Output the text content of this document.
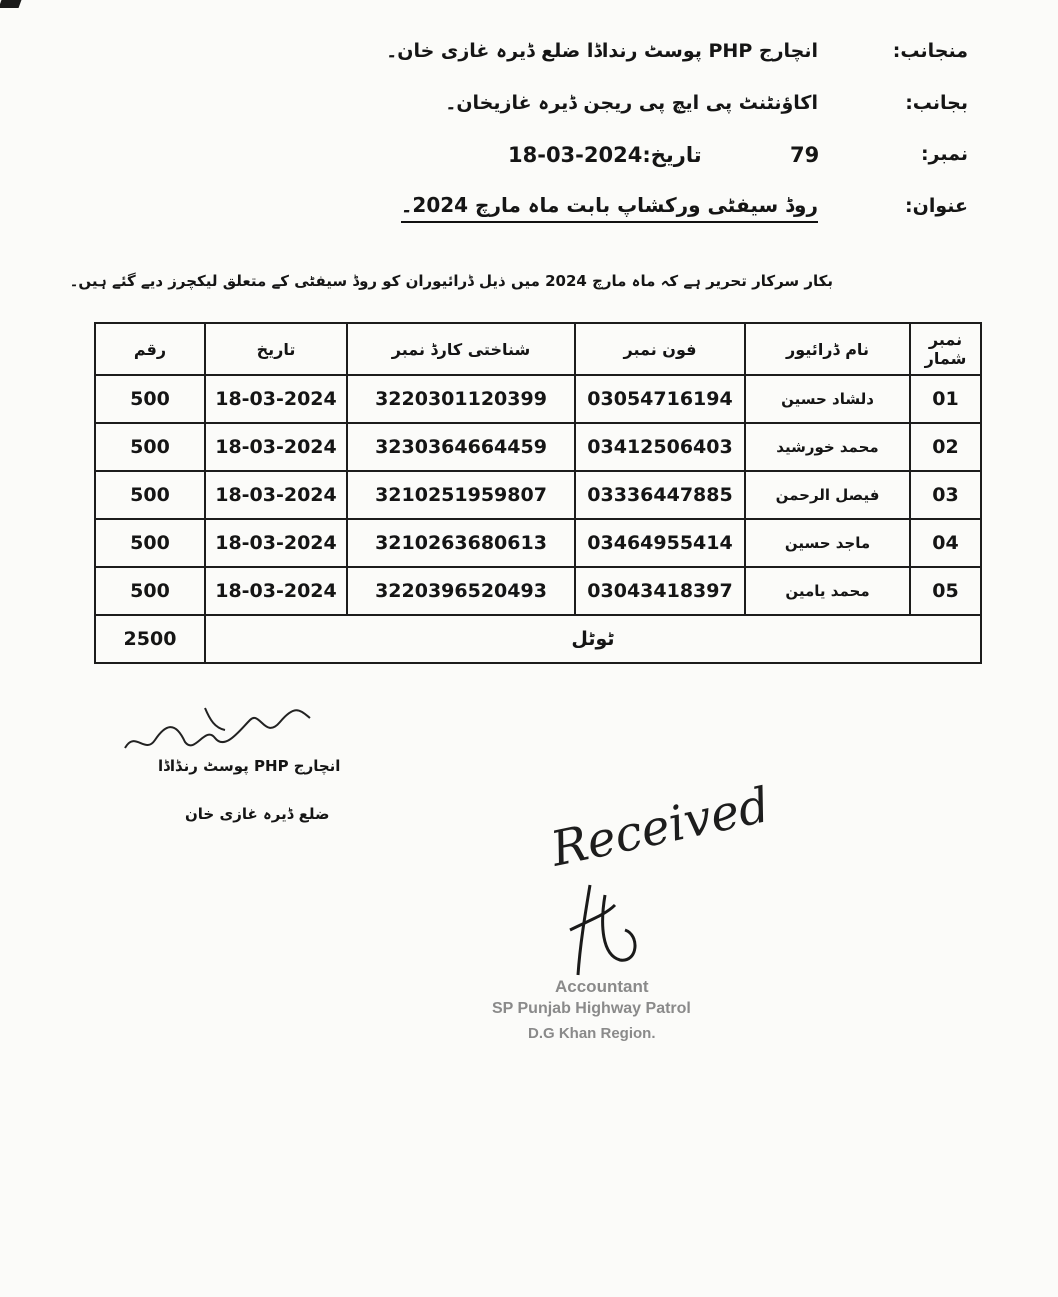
منجانب:انچارج PHP پوسٹ رنداڈا ضلع ڈیرہ غازی خان۔
بجانب:اکاؤنٹنٹ پی ایچ پی ریجن ڈیرہ غازیخان۔
نمبر:
79
تاریخ:18-03-2024
عنوان:روڈ سیفٹی ورکشاپ بابت ماہ مارچ 2024۔
بکار سرکار تحریر ہے کہ ماہ مارچ 2024 میں ذیل ڈرائیوران کو روڈ سیفٹی کے متعلق لیکچرز دیے گئے ہیں۔
نمبر شمار	نام ڈرائیور	فون نمبر	شناختی کارڈ نمبر	تاریخ	رقم
01	دلشاد حسین	03054716194	3220301120399	18-03-2024	500
02	محمد خورشید	03412506403	3230364664459	18-03-2024	500
03	فیصل الرحمن	03336447885	3210251959807	18-03-2024	500
04	ماجد حسین	03464955414	3210263680613	18-03-2024	500
05	محمد یامین	03043418397	3220396520493	18-03-2024	500
ٹوٹل					2500
انچارج PHP پوسٹ رنڈاڈا
ضلع ڈیرہ غازی خان	Received
Accountant
SP Punjab Highway Patrol
D.G Khan Region.
